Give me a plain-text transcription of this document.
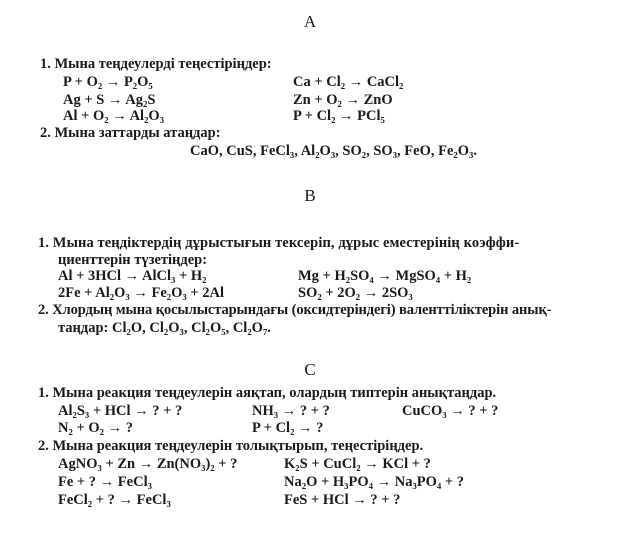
A
1. Мына теңдеулерді теңестіріңдер:
P + O₂ → P₂O₅	Ca + Cl₂ → CaCl₂
Ag + S → Ag₂S	Zn + O₂ → ZnO
Al + O₂ → Al₂O₃	P + Cl₂ → PCl₅
2. Мына заттарды атаңдар:
CaO, CuS, FeCl₃, Al₂O₃, SO₂, SO₃, FeO, Fe₂O₃.
B
1. Мына теңдіктердің дұрыстығын тексеріп, дұрыс еместерінің коэффи-
циенттерін түзетіңдер:
Al + 3HCl → AlCl₃ + H₂	Mg + H₂SO₄ → MgSO₄ + H₂
2Fe + Al₂O₃ → Fe₂O₃ + 2Al	SO₂ + 2O₂ → 2SO₃
2. Хлордың мына қосылыстарындағы (оксидтеріндегі) валенттіліктерін анық-
таңдар: Cl₂O, Cl₂O₃, Cl₂O₅, Cl₂O₇.
C
1. Мына реакция теңдеулерін аяқтап, олардың типтерін анықтаңдар.
Al₂S₃ + HCl → ? + ?	NH₃ → ? + ?	CuCO₃ → ? + ?
N₂ + O₂ → ?	P + Cl₂ → ?
2. Мына реакция теңдеулерін толықтырып, теңестіріңдер.
AgNO₃ + Zn → Zn(NO₃)₂ + ?	K₂S + CuCl₂ → KCl + ?
Fe + ? → FeCl₃	Na₂O + H₃PO₄ → Na₃PO₄ + ?
FeCl₂ + ? → FeCl₃	FeS + HCl → ? + ?
